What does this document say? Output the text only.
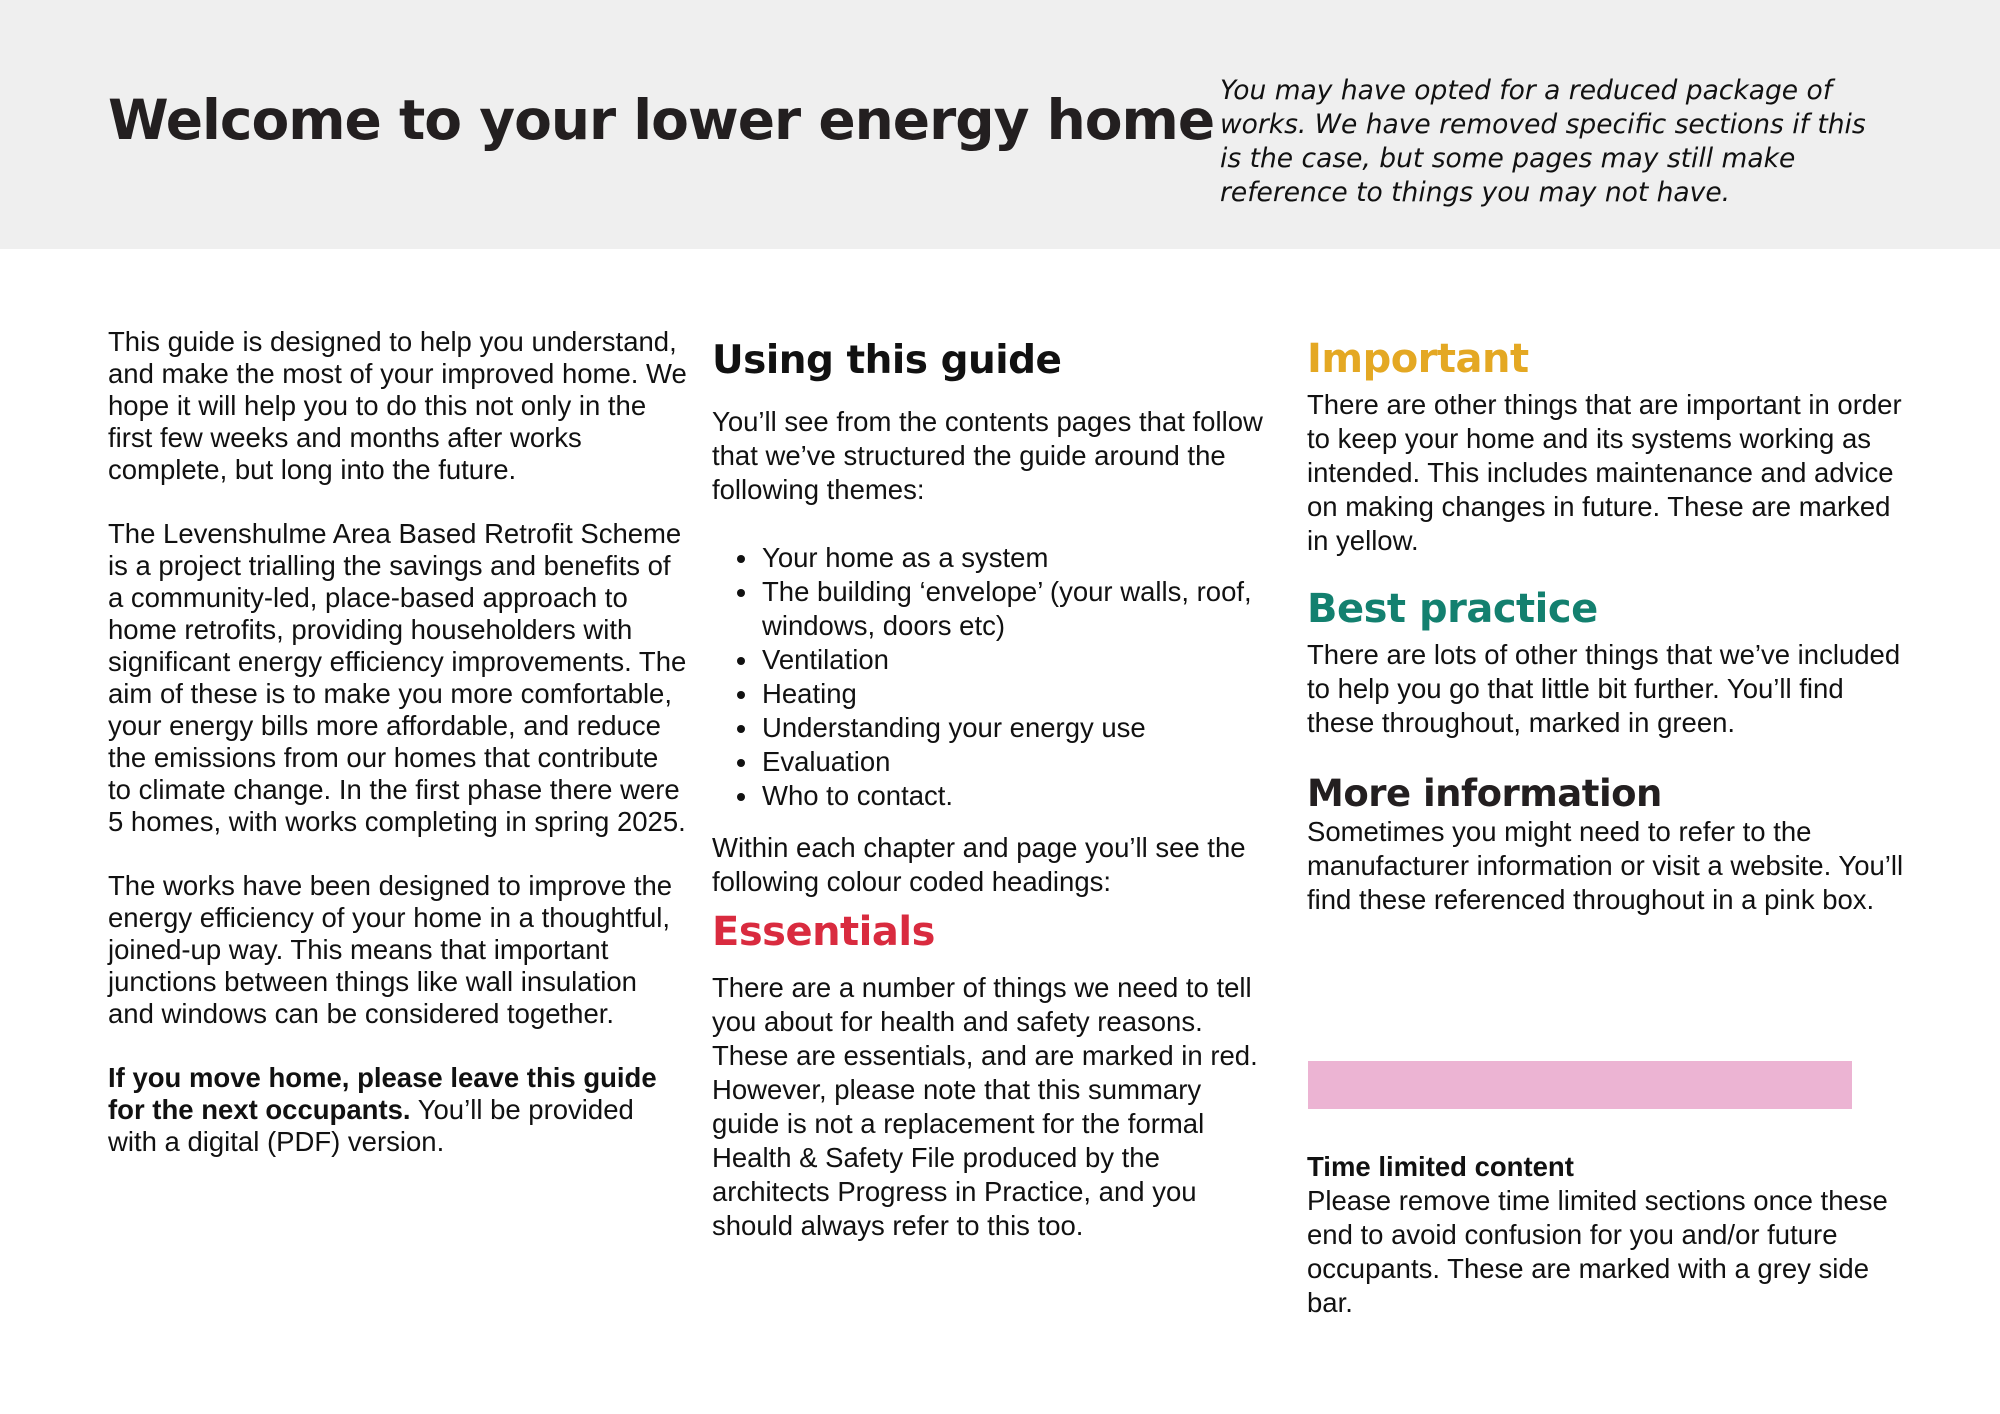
Welcome to your lower energy home You may have opted for a reduced package of works. We have removed specific sections if this is the case, but some pages may still make reference to things you may not have.

This guide is designed to help you understand, and make the most of your improved home. We hope it will help you to do this not only in the first few weeks and months after works complete, but long into the future.

The Levenshulme Area Based Retrofit Scheme is a project trialling the savings and benefits of a community-led, place-based approach to home retrofits, providing householders with significant energy efficiency improvements. The aim of these is to make you more comfortable, your energy bills more affordable, and reduce the emissions from our homes that contribute to climate change. In the first phase there were 5 homes, with works completing in spring 2025.

The works have been designed to improve the energy efficiency of your home in a thoughtful, joined-up way. This means that important junctions between things like wall insulation and windows can be considered together.

If you move home, please leave this guide for the next occupants. You’ll be provided with a digital (PDF) version.

Using this guide

You’ll see from the contents pages that follow that we’ve structured the guide around the following themes:

• Your home as a system
• The building ‘envelope’ (your walls, roof, windows, doors etc)
• Ventilation
• Heating
• Understanding your energy use
• Evaluation
• Who to contact.

Within each chapter and page you’ll see the following colour coded headings:

Essentials

There are a number of things we need to tell you about for health and safety reasons. These are essentials, and are marked in red. However, please note that this summary guide is not a replacement for the formal Health & Safety File produced by the architects Progress in Practice, and you should always refer to this too.

Important

There are other things that are important in order to keep your home and its systems working as intended. This includes maintenance and advice on making changes in future. These are marked in yellow.

Best practice

There are lots of other things that we’ve included to help you go that little bit further. You’ll find these throughout, marked in green.

More information

Sometimes you might need to refer to the manufacturer information or visit a website. You’ll find these referenced throughout in a pink box.

Time limited content

Please remove time limited sections once these end to avoid confusion for you and/or future occupants. These are marked with a grey side bar.
